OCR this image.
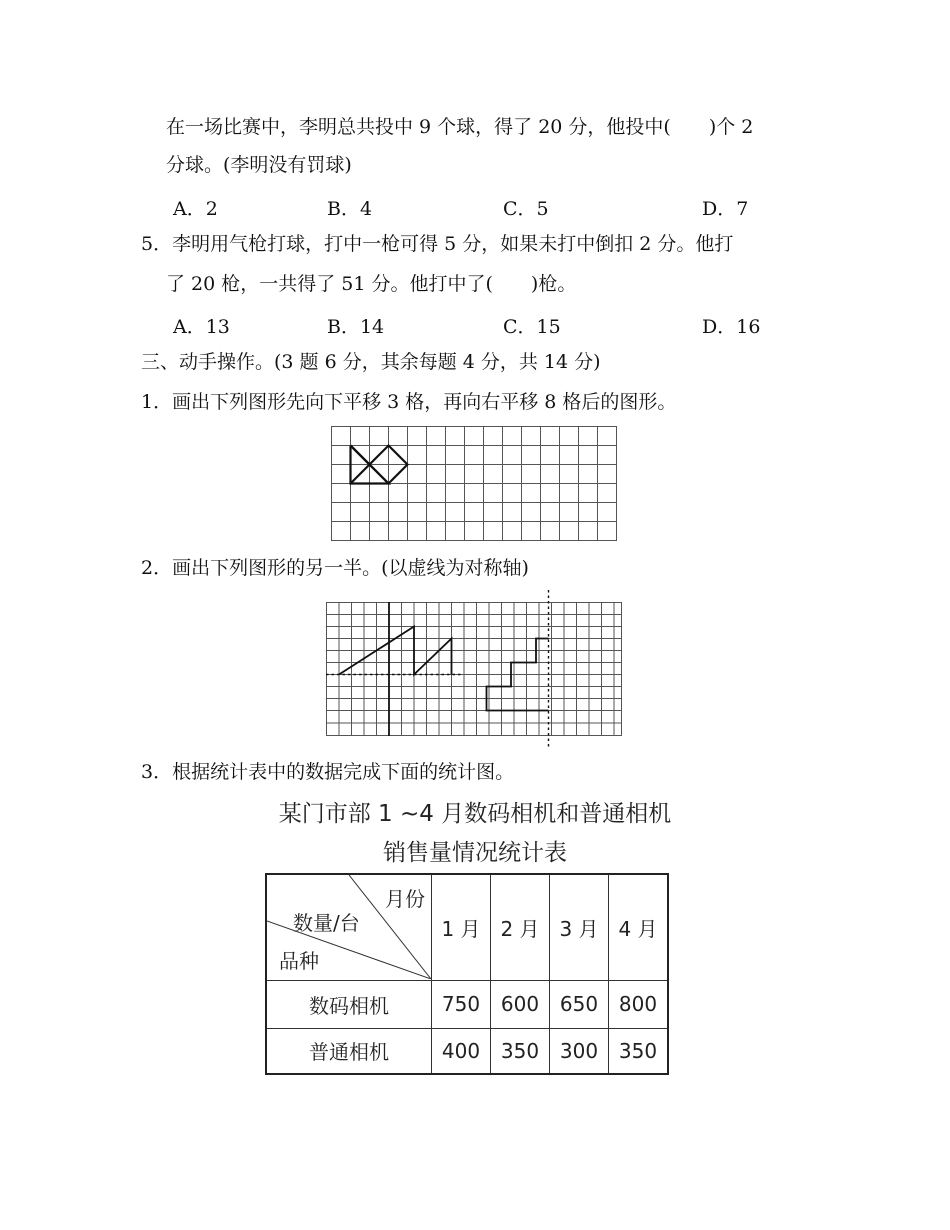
在一场比赛中，李明总共投中 9 个球，得了 20 分，他投中(　　)个 2
分球。(李明没有罚球)
A．2	B．4	C．5	D．7
5．李明用气枪打球，打中一枪可得 5 分，如果未打中倒扣 2 分。他打
了 20 枪，一共得了 51 分。他打中了(　　)枪。
A．13	B．14	C．15	D．16
三、动手操作。(3 题 6 分，其余每题 4 分，共 14 分)
1．画出下列图形先向下平移 3 格，再向右平移 8 格后的图形。
2．画出下列图形的另一半。(以虚线为对称轴)
3．根据统计表中的数据完成下面的统计图。
某门市部 1 ~4 月数码相机和普通相机
销售量情况统计表
月份
数量/台
品种	1 月	2 月	3 月	4 月
数码相机	750	600	650	800
普通相机	400	350	300	350
